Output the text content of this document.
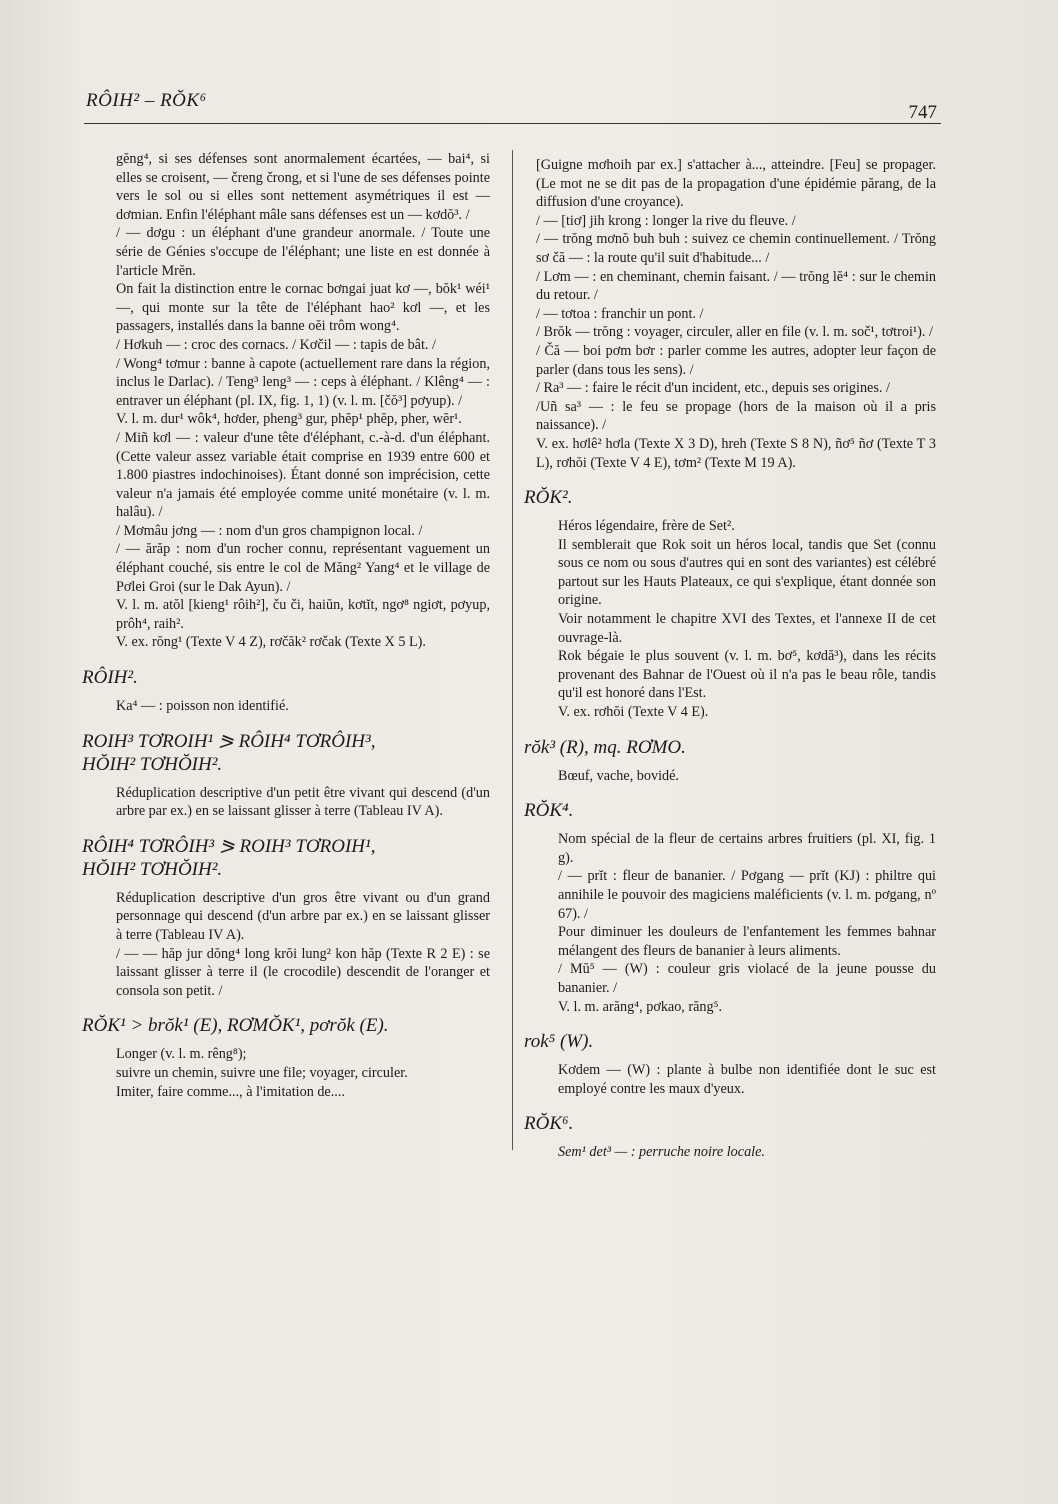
RÔIH² – RŎK⁶
747

gĕng⁴, si ses défenses sont anormalement écartées, — bai⁴, si elles se croisent, — čreng črong, et si l'une de ses défenses pointe vers le sol ou si elles sont nettement asymétriques il est — dơmian. Enfin l'éléphant mâle sans défenses est un — kơdŏ³. /

/ — dơgu : un éléphant d'une grandeur anormale. / Toute une série de Génies s'occupe de l'éléphant; une liste en est donnée à l'article Mrĕn.

On fait la distinction entre le cornac bơngai juat kơ —, bŏk¹ wéi¹ —, qui monte sur la tête de l'éléphant hao² kơl —, et les passagers, installés dans la banne oĕi trôm wong⁴.

/ Hơkuh — : croc des cornacs. / Kơčil — : tapis de bât. /

/ Wong⁴ tơmur : banne à capote (actuellement rare dans la région, inclus le Darlac). / Teng³ leng³ — : ceps à éléphant. / Klêng⁴ — : entraver un éléphant (pl. IX, fig. 1, 1) (v. l. m. [čŏ³] pơyup). /

V. l. m. dur¹ wôk⁴, hơder, pheng³ gur, phĕp¹ phĕp, pher, wĕr¹.

/ Miñ kơl — : valeur d'une tête d'éléphant, c.-à-d. d'un éléphant. (Cette valeur assez variable était comprise en 1939 entre 600 et 1.800 piastres indochinoises). Étant donné son imprécision, cette valeur n'a jamais été employée comme unité monétaire (v. l. m. halâu). /

/ Mơmâu jơng — : nom d'un gros champignon local. /

/ — ărăp : nom d'un rocher connu, représentant vaguement un éléphant couché, sis entre le col de Măng² Yang⁴ et le village de Pơlei Groi (sur le Dak Ayun). /

V. l. m. atŏl [kieng¹ rôih²], ču či, haiŭn, kơtĭt, ngơ⁸ ngiơt, pơyup, prôh⁴, raih².

V. ex. rŏng¹ (Texte V 4 Z), rơčăk² rơčak (Texte X 5 L).

RÔIH².

Ka⁴ — : poisson non identifié.

ROIH³ TƠROIH¹ ⪖ RÔIH⁴ TƠRÔIH³,
HŎIH² TƠHŎIH².

Réduplication descriptive d'un petit être vivant qui descend (d'un arbre par ex.) en se laissant glisser à terre (Tableau IV A).

RÔIH⁴ TƠRÔIH³ ⪖ ROIH³ TƠROIH¹,
HŎIH² TƠHŎIH².

Réduplication descriptive d'un gros être vivant ou d'un grand personnage qui descend (d'un arbre par ex.) en se laissant glisser à terre (Tableau IV A).

/ — — hăp jur dŏng⁴ long krŏi lung² kon hăp (Texte R 2 E) : se laissant glisser à terre il (le crocodile) descendit de l'oranger et consola son petit. /

RŎK¹ > brŏk¹ (E), RƠMŎK¹, pơrŏk (E).

Longer (v. l. m. rêng⁸);

suivre un chemin, suivre une file; voyager, circuler.

Imiter, faire comme..., à l'imitation de....

[Guigne mơhoih par ex.] s'attacher à..., atteindre. [Feu] se propager. (Le mot ne se dit pas de la propagation d'une épidémie părang, de la diffusion d'une croyance).

/ — [tiơ] jih krong : longer la rive du fleuve. /

/ — trŏng mơnŏ buh buh : suivez ce chemin continuellement. / Trŏng sơ čă — : la route qu'il suit d'habitude... /

/ Lơm — : en cheminant, chemin faisant. / — trŏng lĕ⁴ : sur le chemin du retour. /

/ — tơtoa : franchir un pont. /

/ Brŏk — trŏng : voyager, circuler, aller en file (v. l. m. soč¹, tơtroi¹). /

/ Čă — boi pơm bơr : parler comme les autres, adopter leur façon de parler (dans tous les sens). /

/ Ra³ — : faire le récit d'un incident, etc., depuis ses origines. /

/Uñ sa³ — : le feu se propage (hors de la maison où il a pris naissance). /

V. ex. hơlê² hơla (Texte X 3 D), hreh (Texte S 8 N), ñơ⁵ ñơ (Texte T 3 L), rơhŏi (Texte V 4 E), tơm² (Texte M 19 A).

RŎK².

Héros légendaire, frère de Set².

Il semblerait que Rok soit un héros local, tandis que Set (connu sous ce nom ou sous d'autres qui en sont des variantes) est célébré partout sur les Hauts Plateaux, ce qui s'explique, étant donnée son origine.

Voir notamment le chapitre XVI des Textes, et l'annexe II de cet ouvrage-là.

Rok bégaie le plus souvent (v. l. m. bơ⁵, kơdă³), dans les récits provenant des Bahnar de l'Ouest où il n'a pas le beau rôle, tandis qu'il est honoré dans l'Est.

V. ex. rơhŏi (Texte V 4 E).

rŏk³ (R), mq. RƠMO.

Bœuf, vache, bovidé.

RŎK⁴.

Nom spécial de la fleur de certains arbres fruitiers (pl. XI, fig. 1 g).

/ — prĭt : fleur de bananier. / Pơgang — prĭt (KJ) : philtre qui annihile le pouvoir des magiciens maléficients (v. l. m. pơgang, nº 67). /

Pour diminuer les douleurs de l'enfantement les femmes bahnar mélangent des fleurs de bananier à leurs aliments.

/ Mŭ⁵ — (W) : couleur gris violacé de la jeune pousse du bananier. /

V. l. m. arăng⁴, pơkao, răng⁵.

rok⁵ (W).

Kơdem — (W) : plante à bulbe non identifiée dont le suc est employé contre les maux d'yeux.

RŎK⁶.

Sem¹ det³ — : perruche noire locale.
